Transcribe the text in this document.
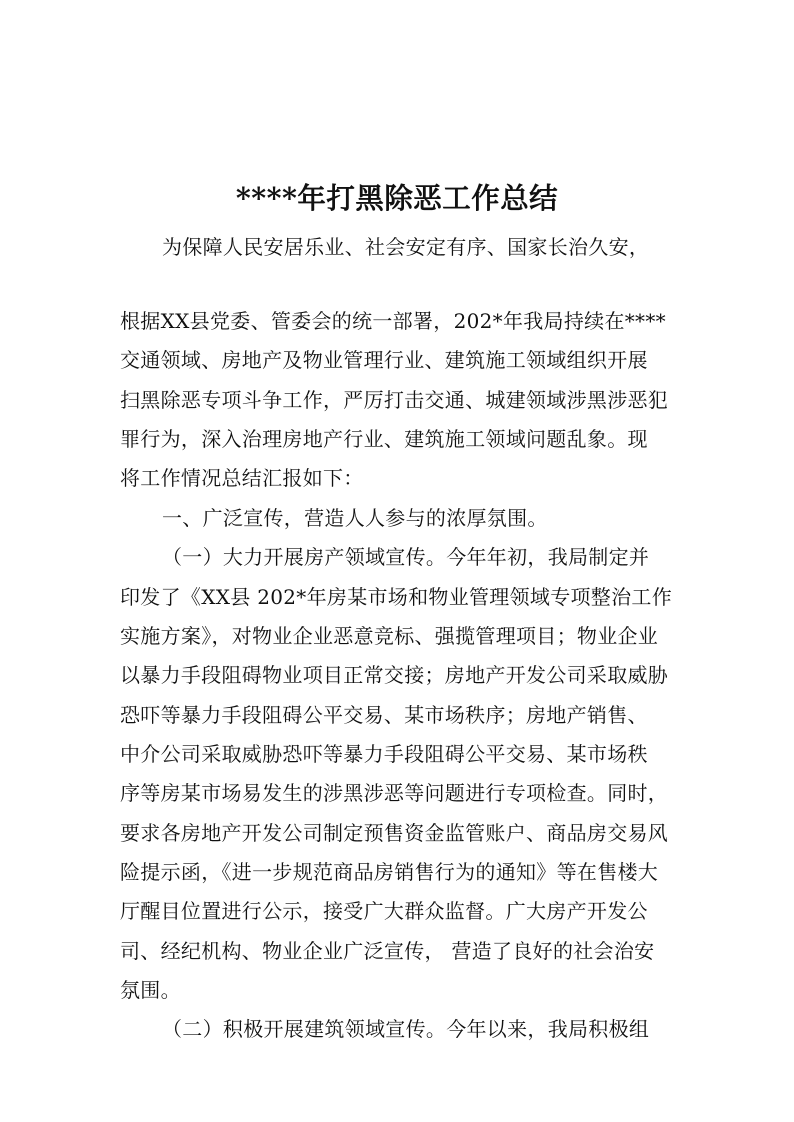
****年打黑除恶工作总结
为保障人民安居乐业、社会安定有序、国家长治久安，
根据XX县党委、管委会的统一部署，202*年我局持续在****
交通领域、房地产及物业管理行业、建筑施工领域组织开展
扫黑除恶专项斗争工作，严厉打击交通、城建领域涉黑涉恶犯
罪行为，深入治理房地产行业、建筑施工领域问题乱象。现
将工作情况总结汇报如下：
一、广泛宣传，营造人人参与的浓厚氛围。
（一）大力开展房产领域宣传。今年年初，我局制定并
印发了《XX县 202*年房某市场和物业管理领域专项整治工作
实施方案》，对物业企业恶意竞标、强揽管理项目；物业企业
以暴力手段阻碍物业项目正常交接；房地产开发公司采取威胁
恐吓等暴力手段阻碍公平交易、某市场秩序；房地产销售、
中介公司采取威胁恐吓等暴力手段阻碍公平交易、某市场秩
序等房某市场易发生的涉黑涉恶等问题进行专项检查。同时，
要求各房地产开发公司制定预售资金监管账户、商品房交易风
险提示函，《进一步规范商品房销售行为的通知》等在售楼大
厅醒目位置进行公示，接受广大群众监督。广大房产开发公
司、经纪机构、物业企业广泛宣传， 营造了良好的社会治安
氛围。
（二）积极开展建筑领域宣传。今年以来，我局积极组
